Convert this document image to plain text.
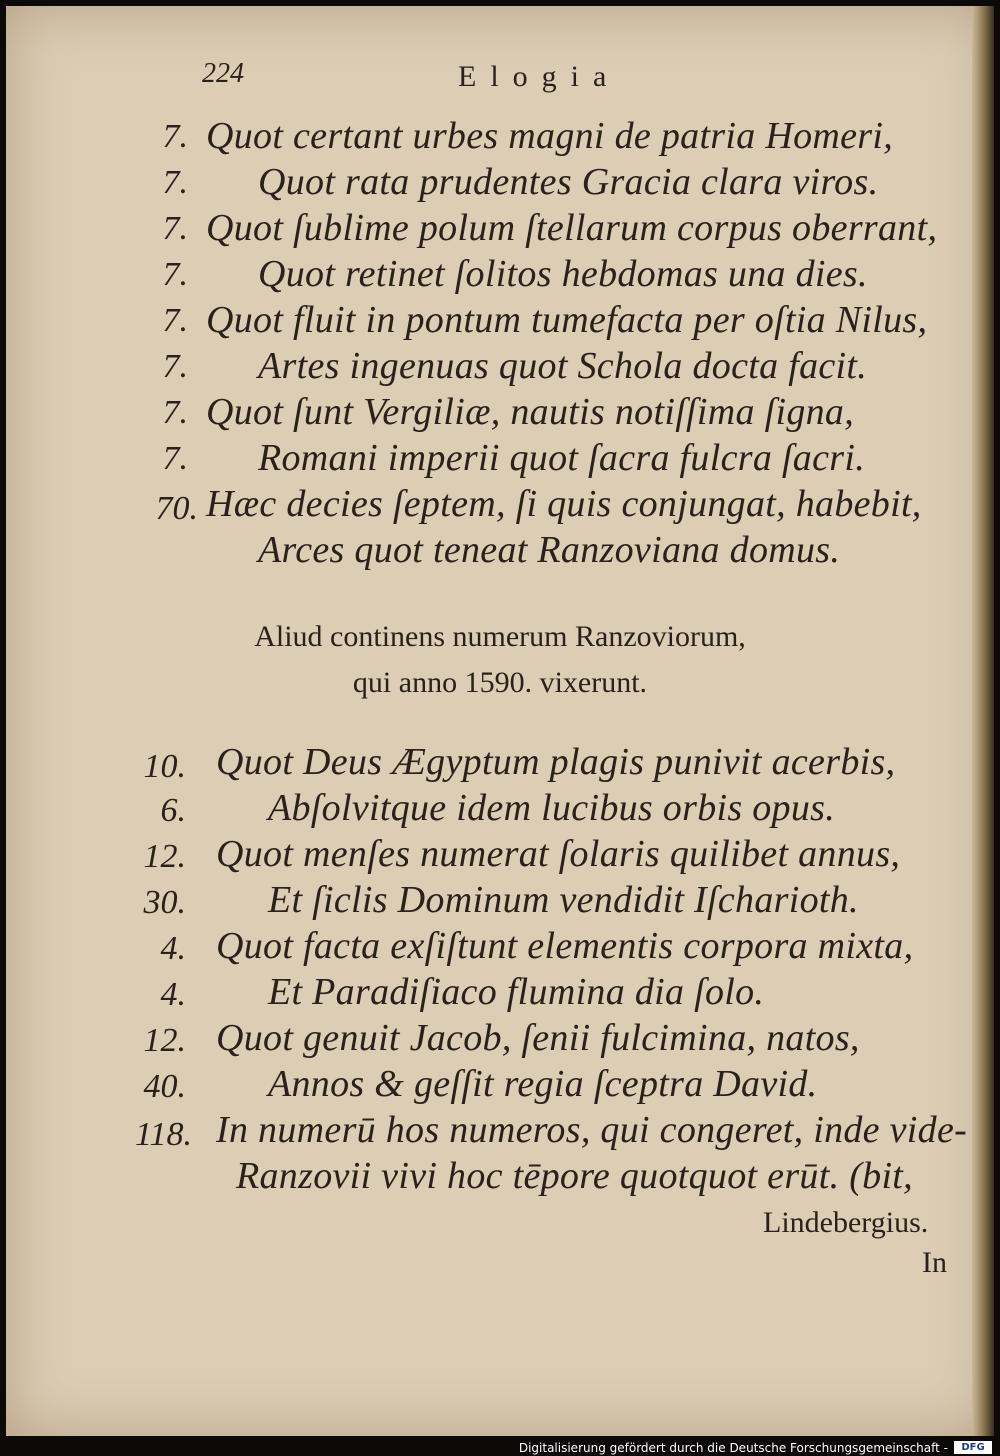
224	Elogia
7. Quot certant urbes magni de patria Homeri,
7. Quot rata prudentes Gracia clara viros.
7. Quot ſublime polum ſtellarum corpus oberrant,
7. Quot retinet ſolitos hebdomas una dies.
7. Quot fluit in pontum tumefacta per oſtia Nilus,
7. Artes ingenuas quot Schola docta facit.
7. Quot ſunt Vergiliæ, nautis notiſſima ſigna,
7. Romani imperii quot ſacra fulcra ſacri.
70. Hæc decies ſeptem, ſi quis conjungat, habebit,
Arces quot teneat Ranzoviana domus.
Aliud continens numerum Ranzoviorum,
qui anno 1590. vixerunt.
10. Quot Deus Ægyptum plagis punivit acerbis,
6. Abſolvitque idem lucibus orbis opus.
12. Quot menſes numerat ſolaris quilibet annus,
30. Et ſiclis Dominum vendidit Iſcharioth.
4. Quot facta exſiſtunt elementis corpora mixta,
4. Et Paradiſiaco flumina dia ſolo.
12. Quot genuit Jacob, ſenii fulcimina, natos,
40. Annos & geſſit regia ſceptra David.
118. In numerū hos numeros, qui congeret, inde vide-
Ranzovii vivi hoc tēpore quotquot erūt. (bit,
Lindebergius.
In
Digitalisierung gefördert durch die Deutsche Forschungsgemeinschaft -	DFG
